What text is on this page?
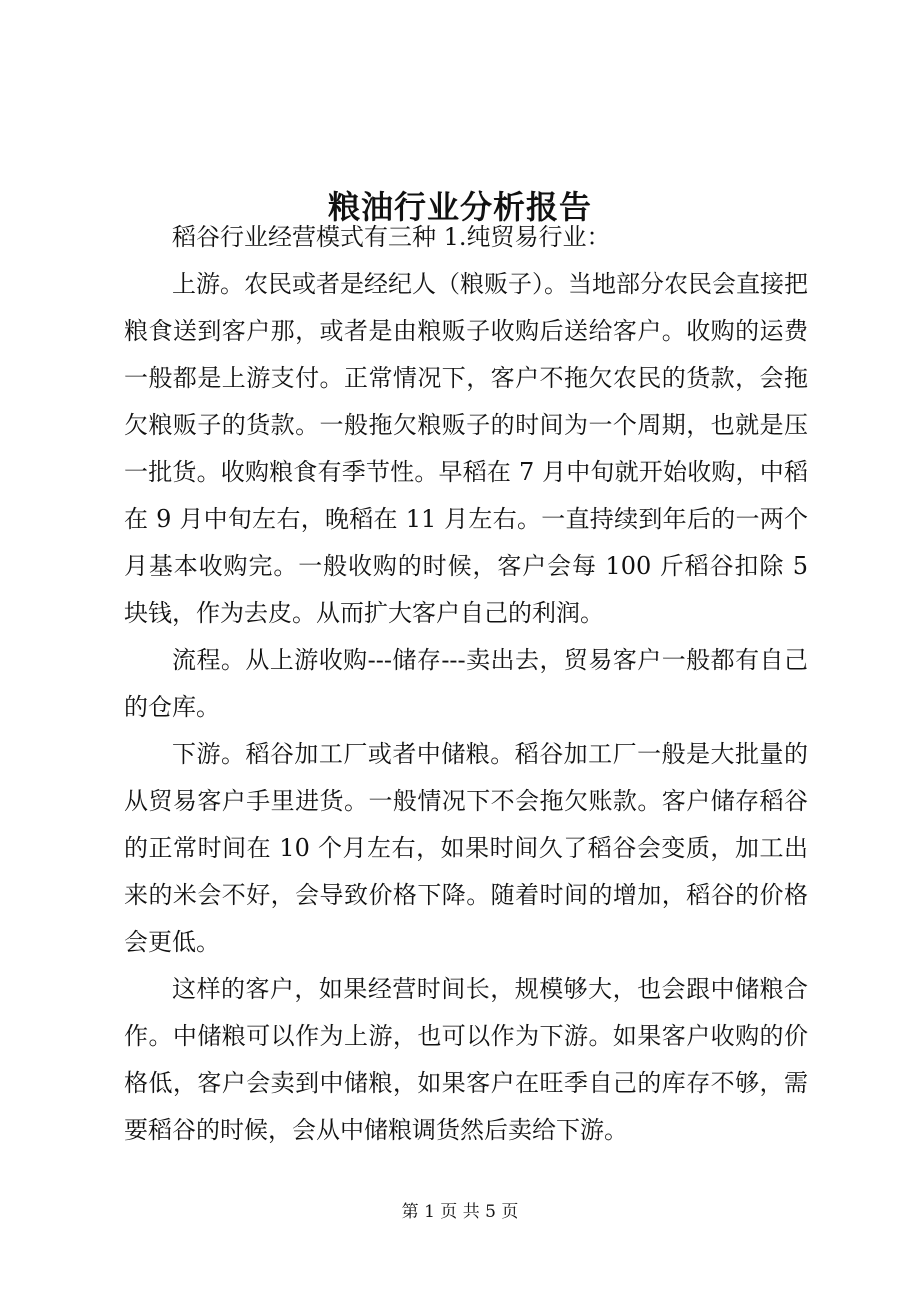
粮油行业分析报告

稻谷行业经营模式有三种 1.纯贸易行业：

上游。农民或者是经纪人（粮贩子）。当地部分农民会直接把粮食送到客户那，或者是由粮贩子收购后送给客户。收购的运费一般都是上游支付。正常情况下，客户不拖欠农民的货款，会拖欠粮贩子的货款。一般拖欠粮贩子的时间为一个周期，也就是压一批货。收购粮食有季节性。早稻在 7 月中旬就开始收购，中稻在 9 月中旬左右，晚稻在 11 月左右。一直持续到年后的一两个月基本收购完。一般收购的时候，客户会每 100 斤稻谷扣除 5 块钱，作为去皮。从而扩大客户自己的利润。

流程。从上游收购---储存---卖出去，贸易客户一般都有自己的仓库。

下游。稻谷加工厂或者中储粮。稻谷加工厂一般是大批量的从贸易客户手里进货。一般情况下不会拖欠账款。客户储存稻谷的正常时间在 10 个月左右，如果时间久了稻谷会变质，加工出来的米会不好，会导致价格下降。随着时间的增加，稻谷的价格会更低。

这样的客户，如果经营时间长，规模够大，也会跟中储粮合作。中储粮可以作为上游，也可以作为下游。如果客户收购的价格低，客户会卖到中储粮，如果客户在旺季自己的库存不够，需要稻谷的时候，会从中储粮调货然后卖给下游。

第 1 页 共 5 页
